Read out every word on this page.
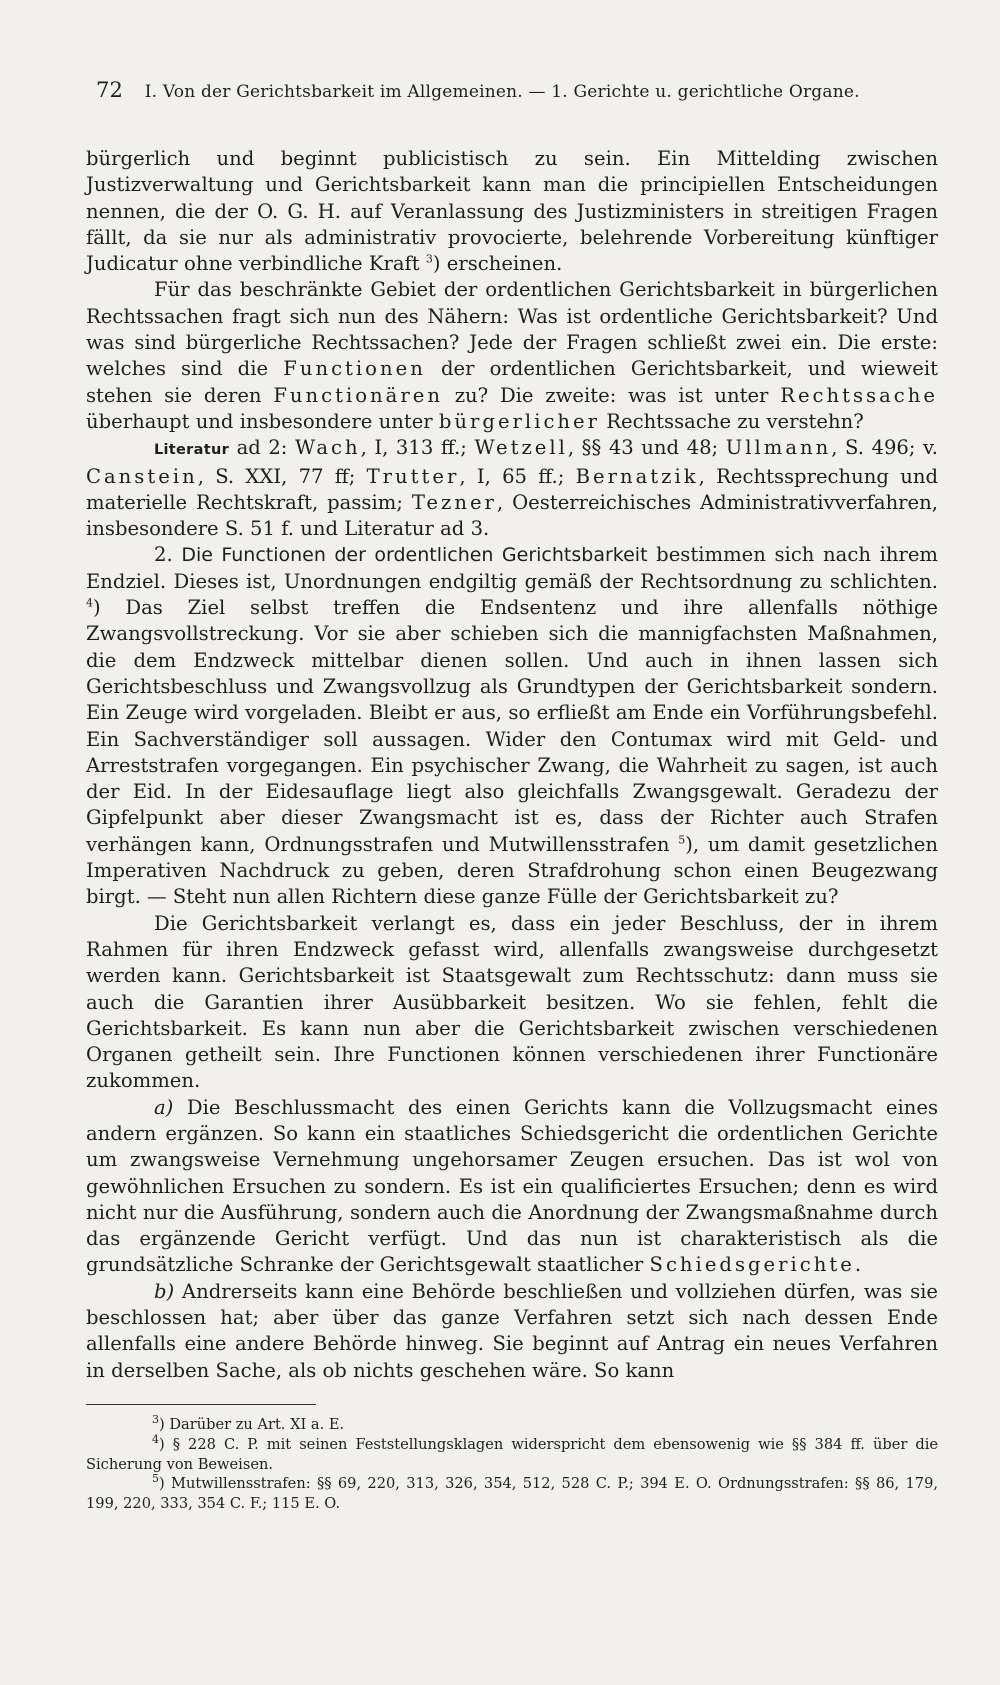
72 I. Von der Gerichtsbarkeit im Allgemeinen. — 1. Gerichte u. gerichtliche Organe.

bürgerlich und beginnt publicistisch zu sein. Ein Mittelding zwischen Justizverwaltung und Gerichtsbarkeit kann man die principiellen Entscheidungen nennen, die der O. G. H. auf Veranlassung des Justizministers in streitigen Fragen fällt, da sie nur als administrativ provocierte, belehrende Vorbereitung künftiger Judicatur ohne verbindliche Kraft $^3$) erscheinen.

Für das beschränkte Gebiet der ordentlichen Gerichtsbarkeit in bürgerlichen Rechtssachen fragt sich nun des Nähern: Was ist ordentliche Gerichtsbarkeit? Und was sind bürgerliche Rechtssachen? Jede der Fragen schließt zwei ein. Die erste: welches sind die Functionen der ordentlichen Gerichtsbarkeit, und wieweit stehen sie deren Functionären zu? Die zweite: was ist unter Rechtssache überhaupt und insbesondere unter bürgerlicher Rechtssache zu verstehn?

Literatur ad 2: Wach, I, 313 ff.; Wetzell, §§ 43 und 48; Ullmann, S. 496; v. Canstein, S. XXI, 77 ff; Trutter, I, 65 ff.; Bernatzik, Rechtssprechung und materielle Rechtskraft, passim; Tezner, Oesterreichisches Administrativverfahren, insbesondere S. 51 f. und Literatur ad 3.

2. Die Functionen der ordentlichen Gerichtsbarkeit bestimmen sich nach ihrem Endziel. Dieses ist, Unordnungen endgiltig gemäß der Rechtsordnung zu schlichten. $^4$) Das Ziel selbst treffen die Endsentenz und ihre allenfalls nöthige Zwangsvollstreckung. Vor sie aber schieben sich die mannigfachsten Maßnahmen, die dem Endzweck mittelbar dienen sollen. Und auch in ihnen lassen sich Gerichtsbeschluss und Zwangsvollzug als Grundtypen der Gerichtsbarkeit sondern. Ein Zeuge wird vorgeladen. Bleibt er aus, so erfließt am Ende ein Vorführungsbefehl. Ein Sachverständiger soll aussagen. Wider den Contumax wird mit Geld- und Arreststrafen vorgegangen. Ein psychischer Zwang, die Wahrheit zu sagen, ist auch der Eid. In der Eidesauflage liegt also gleichfalls Zwangsgewalt. Geradezu der Gipfelpunkt aber dieser Zwangsmacht ist es, dass der Richter auch Strafen verhängen kann, Ordnungsstrafen und Mutwillensstrafen $^5$), um damit gesetzlichen Imperativen Nachdruck zu geben, deren Strafdrohung schon einen Beugezwang birgt. — Steht nun allen Richtern diese ganze Fülle der Gerichtsbarkeit zu?

Die Gerichtsbarkeit verlangt es, dass ein jeder Beschluss, der in ihrem Rahmen für ihren Endzweck gefasst wird, allenfalls zwangsweise durchgesetzt werden kann. Gerichtsbarkeit ist Staatsgewalt zum Rechtsschutz: dann muss sie auch die Garantien ihrer Ausübbarkeit besitzen. Wo sie fehlen, fehlt die Gerichtsbarkeit. Es kann nun aber die Gerichtsbarkeit zwischen verschiedenen Organen getheilt sein. Ihre Functionen können verschiedenen ihrer Functionäre zukommen.

a) Die Beschlussmacht des einen Gerichts kann die Vollzugsmacht eines andern ergänzen. So kann ein staatliches Schiedsgericht die ordentlichen Gerichte um zwangsweise Vernehmung ungehorsamer Zeugen ersuchen. Das ist wol von gewöhnlichen Ersuchen zu sondern. Es ist ein qualificiertes Ersuchen; denn es wird nicht nur die Ausführung, sondern auch die Anordnung der Zwangsmaßnahme durch das ergänzende Gericht verfügt. Und das nun ist charakteristisch als die grundsätzliche Schranke der Gerichtsgewalt staatlicher Schiedsgerichte.

b) Andrerseits kann eine Behörde beschließen und vollziehen dürfen, was sie beschlossen hat; aber über das ganze Verfahren setzt sich nach dessen Ende allenfalls eine andere Behörde hinweg. Sie beginnt auf Antrag ein neues Verfahren in derselben Sache, als ob nichts geschehen wäre. So kann

$^3$) Darüber zu Art. XI a. E.

$^4$) § 228 C. P. mit seinen Feststellungsklagen widerspricht dem ebensowenig wie §§ 384 ff. über die Sicherung von Beweisen.

$^5$) Mutwillensstrafen: §§ 69, 220, 313, 326, 354, 512, 528 C. P.; 394 E. O. Ordnungsstrafen: §§ 86, 179, 199, 220, 333, 354 C. F.; 115 E. O.
